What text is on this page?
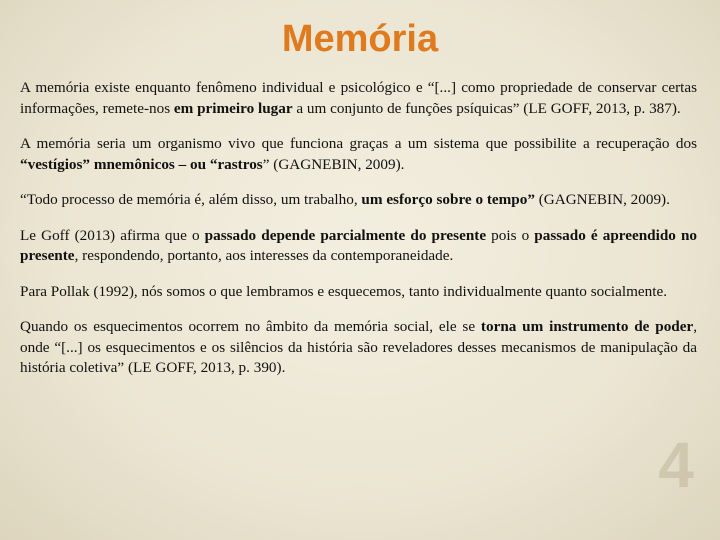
Memória

A memória existe enquanto fenômeno individual e psicológico e “[...] como propriedade de conservar certas informações, remete-nos em primeiro lugar a um conjunto de funções psíquicas” (LE GOFF, 2013, p. 387).

A memória seria um organismo vivo que funciona graças a um sistema que possibilite a recuperação dos “vestígios” mnemônicos – ou “rastros” (GAGNEBIN, 2009).

“Todo processo de memória é, além disso, um trabalho, um esforço sobre o tempo” (GAGNEBIN, 2009).

Le Goff (2013) afirma que o passado depende parcialmente do presente pois o passado é apreendido no presente, respondendo, portanto, aos interesses da contemporaneidade.

Para Pollak (1992), nós somos o que lembramos e esquecemos, tanto individualmente quanto socialmente.

Quando os esquecimentos ocorrem no âmbito da memória social, ele se torna um instrumento de poder, onde “[...] os esquecimentos e os silêncios da história são reveladores desses mecanismos de manipulação da história coletiva” (LE GOFF, 2013, p. 390).

4
